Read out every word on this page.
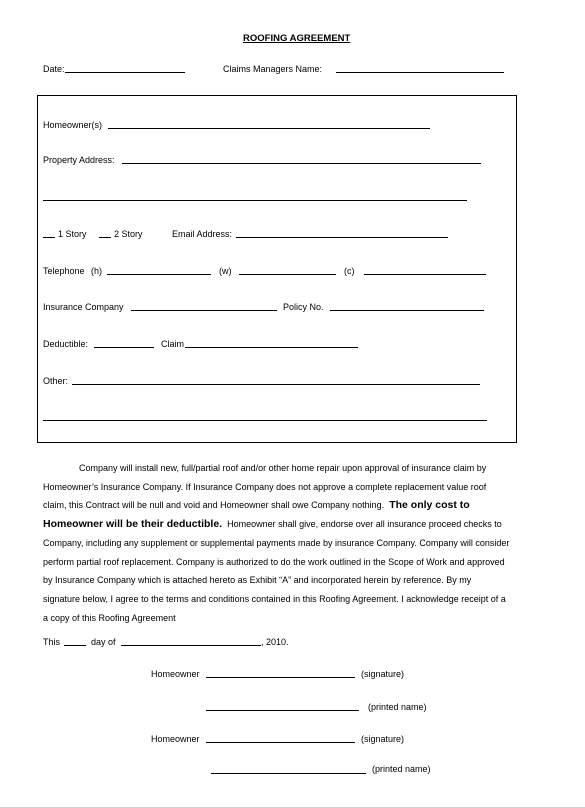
ROOFING AGREEMENT
Date:	Claims Managers Name:
Homeowner(s)
Property Address:
1 Story	2 Story	Email Address:
Telephone (h)	(w)	(c)
Insurance Company	Policy No.
Deductible:	Claim
Other:

Company will install new, full/partial roof and/or other home repair upon approval of insurance claim by

Homeowner’s Insurance Company. If Insurance Company does not approve a complete replacement value roof

claim, this Contract will be null and void and Homeowner shall owe Company nothing. The only cost to

Homeowner will be their deductible. Homeowner shall give, endorse over all insurance proceed checks to

Company, including any supplement or supplemental payments made by insurance Company. Company will consider

perform partial roof replacement. Company is authorized to do the work outlined in the Scope of Work and approved

by Insurance Company which is attached hereto as Exhibit “A” and incorporated herein by reference. By my

signature below, I agree to the terms and conditions contained in this Roofing Agreement. I acknowledge receipt of a

a copy of this Roofing Agreement

This	day of	, 2010.
Homeowner	(signature)
(printed name)
Homeowner	(signature)
(printed name)
